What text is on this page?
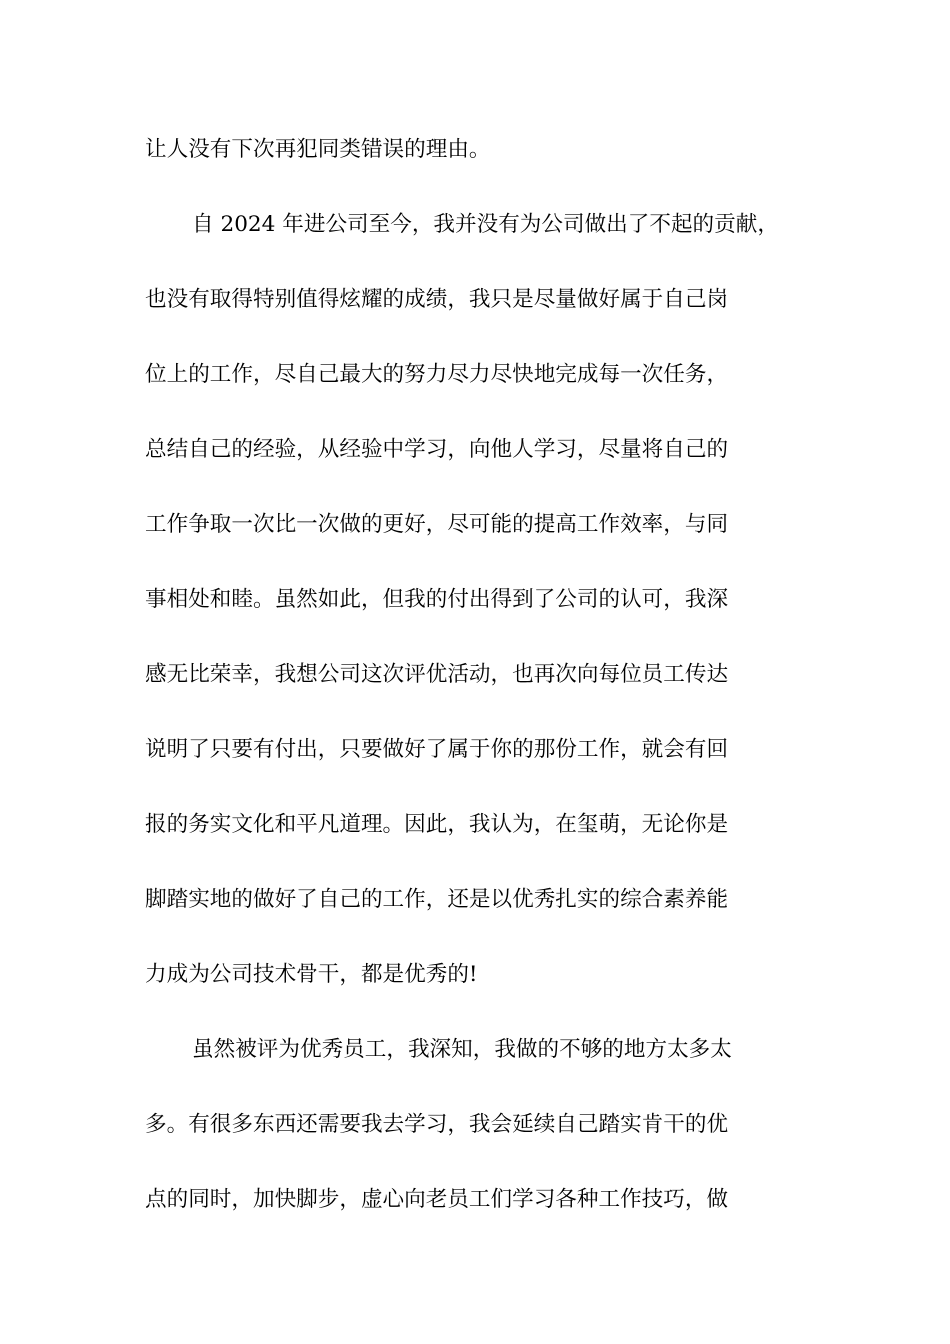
让人没有下次再犯同类错误的理由。
自 2024 年进公司至今，我并没有为公司做出了不起的贡献，
也没有取得特别值得炫耀的成绩，我只是尽量做好属于自己岗
位上的工作，尽自己最大的努力尽力尽快地完成每一次任务，
总结自己的经验，从经验中学习，向他人学习，尽量将自己的
工作争取一次比一次做的更好，尽可能的提高工作效率，与同
事相处和睦。虽然如此，但我的付出得到了公司的认可，我深
感无比荣幸，我想公司这次评优活动，也再次向每位员工传达
说明了只要有付出，只要做好了属于你的那份工作，就会有回
报的务实文化和平凡道理。因此，我认为，在玺萌，无论你是
脚踏实地的做好了自己的工作，还是以优秀扎实的综合素养能
力成为公司技术骨干，都是优秀的!
虽然被评为优秀员工，我深知，我做的不够的地方太多太
多。有很多东西还需要我去学习，我会延续自己踏实肯干的优
点的同时，加快脚步，虚心向老员工们学习各种工作技巧，做
